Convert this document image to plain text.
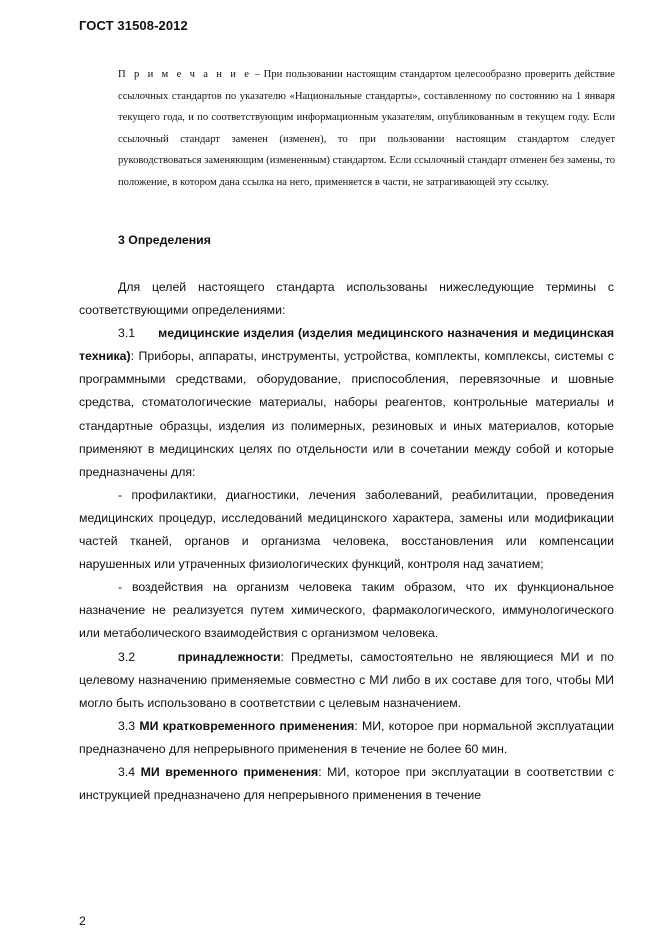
ГОСТ 31508-2012
П р и м е ч а н и е – При пользовании настоящим стандартом целесообразно проверить действие ссылочных стандартов по указателю «Национальные стандарты», составленному по состоянию на 1 января текущего года, и по соответствующим информационным указателям, опубликованным в текущем году. Если ссылочный стандарт заменен (изменен), то при пользовании настоящим стандартом следует руководствоваться заменяющим (измененным) стандартом. Если ссылочный стандарт отменен без замены, то положение, в котором дана ссылка на него, применяется в части, не затрагивающей эту ссылку.
3 Определения

Для целей настоящего стандарта использованы нижеследующие термины с соответствующими определениями:

3.1 медицинские изделия (изделия медицинского назначения и медицинская техника): Приборы, аппараты, инструменты, устройства, комплекты, комплексы, системы с программными средствами, оборудование, приспособления, перевязочные и шовные средства, стоматологические материалы, наборы реагентов, контрольные материалы и стандартные образцы, изделия из полимерных, резиновых и иных материалов, которые применяют в медицинских целях по отдельности или в сочетании между собой и которые предназначены для:

- профилактики, диагностики, лечения заболеваний, реабилитации, проведения медицинских процедур, исследований медицинского характера, замены или модификации частей тканей, органов и организма человека, восстановления или компенсации нарушенных или утраченных физиологических функций, контроля над зачатием;

- воздействия на организм человека таким образом, что их функциональное назначение не реализуется путем химического, фармакологического, иммунологического или метаболического взаимодействия с организмом человека.

3.2	принадлежности: Предметы, самостоятельно не являющиеся МИ и по целевому назначению применяемые совместно с МИ либо в их составе для того, чтобы МИ могло быть использовано в соответствии с целевым назначением.

3.3 МИ кратковременного применения: МИ, которое при нормальной эксплуатации предназначено для непрерывного применения в течение не более 60 мин.

3.4 МИ временного применения: МИ, которое при эксплуатации в соответствии с инструкцией предназначено для непрерывного применения в течение

2
